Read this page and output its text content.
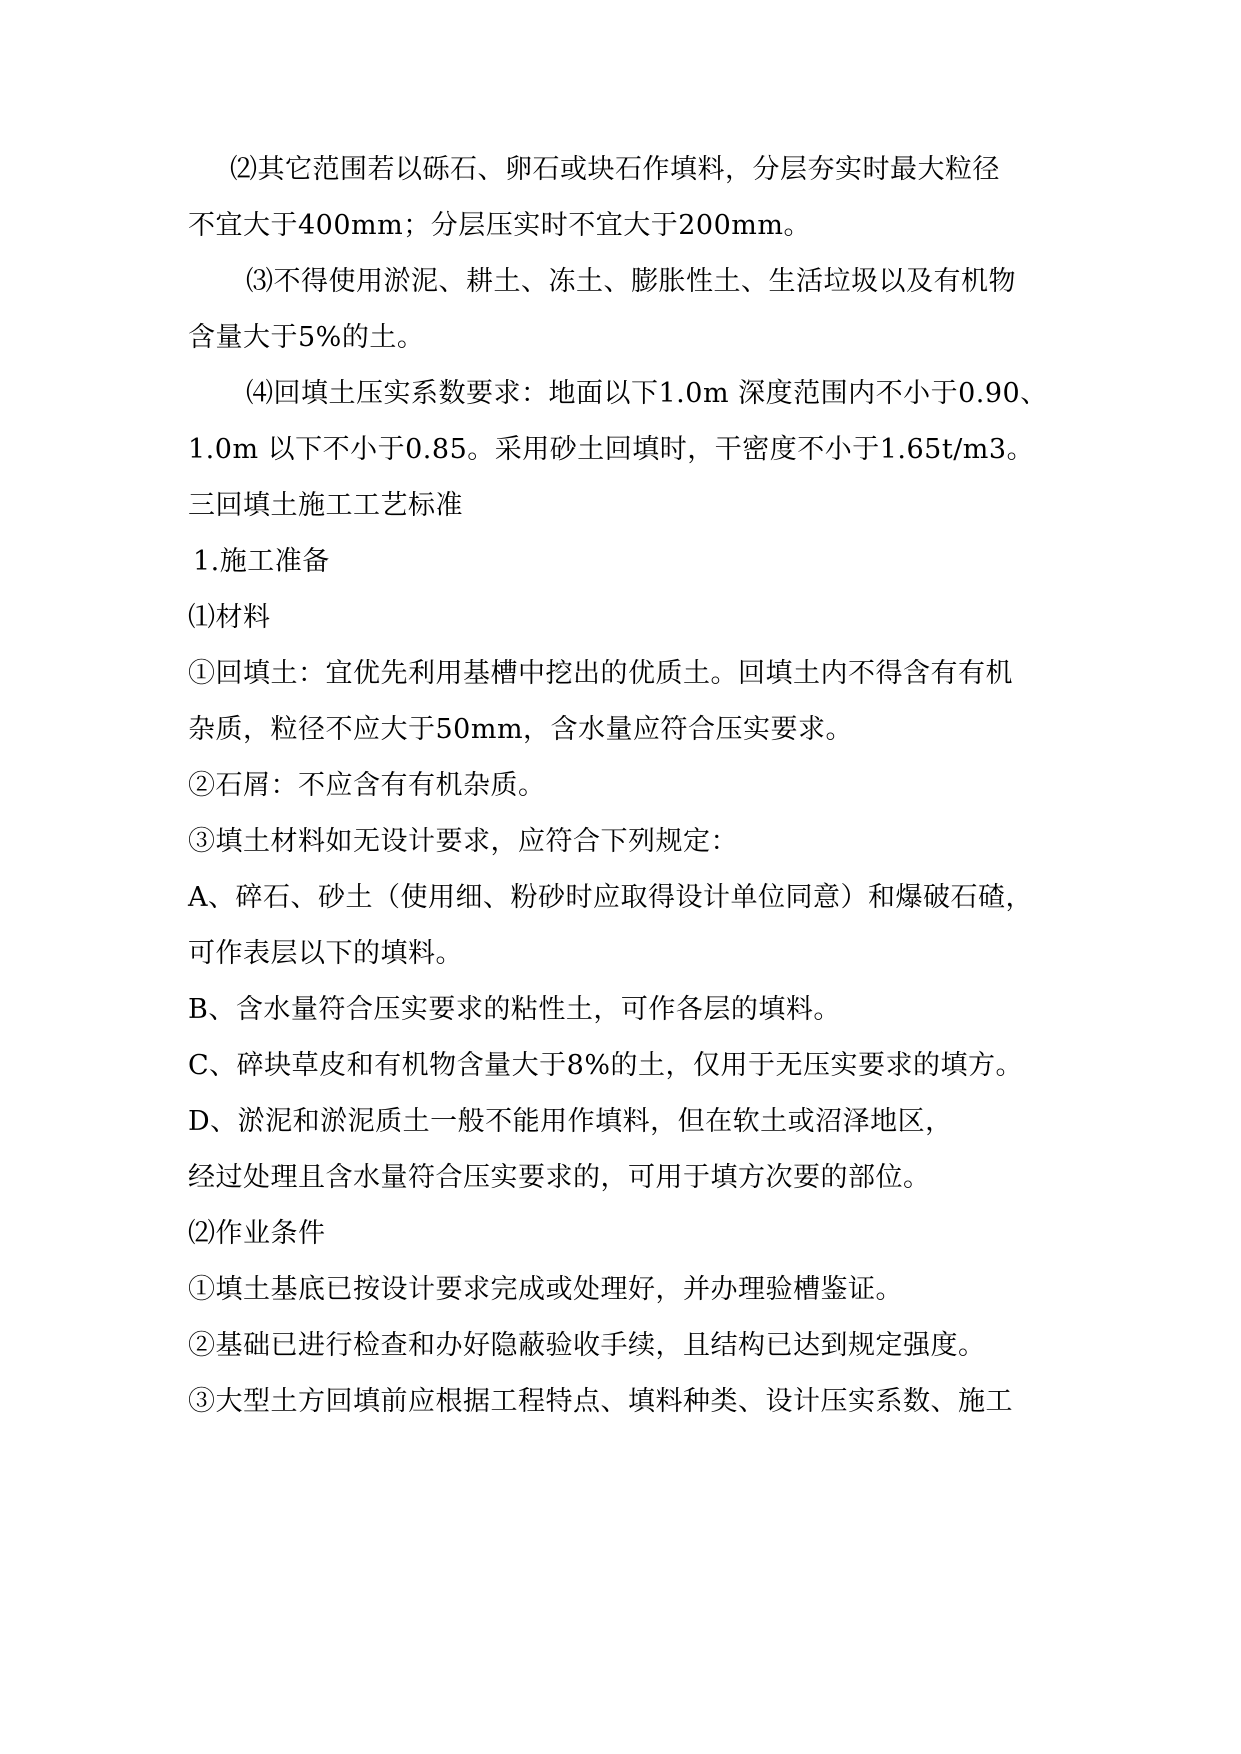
⑵其它范围若以砾石、卵石或块石作填料，分层夯实时最大粒径
不宜大于400mm；分层压实时不宜大于200mm。
⑶不得使用淤泥、耕土、冻土、膨胀性土、生活垃圾以及有机物
含量大于5%的土。
⑷回填土压实系数要求：地面以下1.0m 深度范围内不小于0.90、
1.0m 以下不小于0.85。采用砂土回填时，干密度不小于1.65t/m3。
三回填土施工工艺标准
1.施工准备
⑴材料
①回填土：宜优先利用基槽中挖出的优质土。回填土内不得含有有机
杂质，粒径不应大于50mm，含水量应符合压实要求。
②石屑：不应含有有机杂质。
③填土材料如无设计要求，应符合下列规定：
A、碎石、砂土（使用细、粉砂时应取得设计单位同意）和爆破石碴，
可作表层以下的填料。
B、含水量符合压实要求的粘性土，可作各层的填料。
C、碎块草皮和有机物含量大于8%的土，仅用于无压实要求的填方。
D、淤泥和淤泥质土一般不能用作填料，但在软土或沼泽地区，
经过处理且含水量符合压实要求的，可用于填方次要的部位。
⑵作业条件
①填土基底已按设计要求完成或处理好，并办理验槽鉴证。
②基础已进行检查和办好隐蔽验收手续，且结构已达到规定强度。
③大型土方回填前应根据工程特点、填料种类、设计压实系数、施工
